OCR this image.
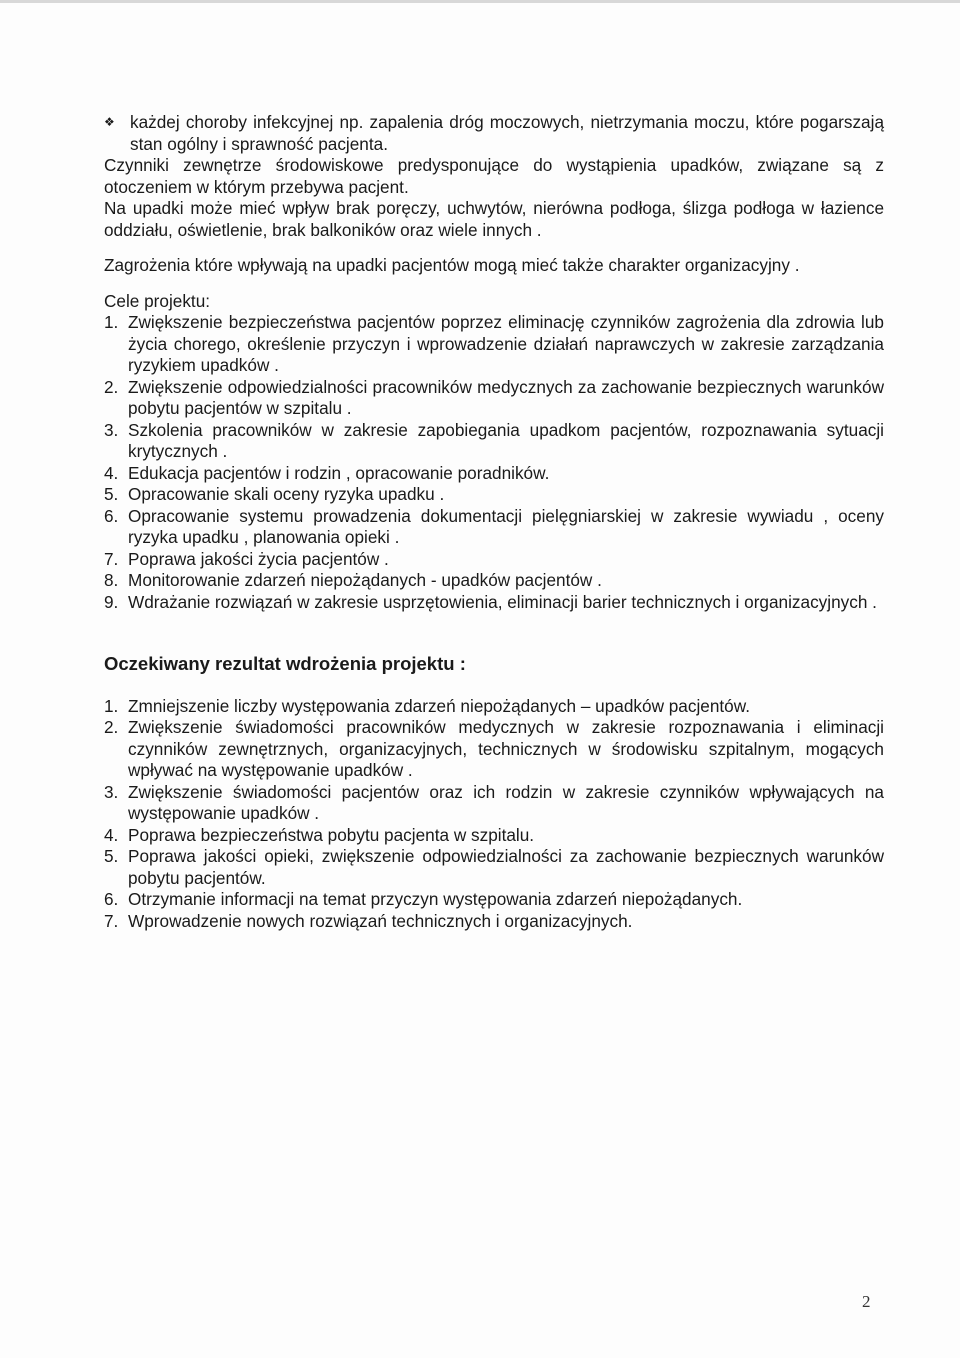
❖ każdej choroby infekcyjnej np. zapalenia dróg moczowych, nietrzymania moczu, które pogarszają stan ogólny i sprawność pacjenta.

Czynniki zewnętrze środowiskowe predysponujące do wystąpienia upadków, związane są z otoczeniem w którym przebywa pacjent.

Na upadki może mieć wpływ brak poręczy, uchwytów, nierówna podłoga, ślizga podłoga w łazience oddziału, oświetlenie, brak balkoników oraz wiele innych .

Zagrożenia które wpływają na upadki pacjentów mogą mieć także charakter organizacyjny .

Cele projektu:

1. Zwiększenie bezpieczeństwa pacjentów poprzez eliminację czynników zagrożenia dla zdrowia lub życia chorego, określenie przyczyn i wprowadzenie działań naprawczych w zakresie zarządzania ryzykiem upadków .
2. Zwiększenie odpowiedzialności pracowników medycznych za zachowanie bezpiecznych warunków pobytu pacjentów w szpitalu .
3. Szkolenia pracowników w zakresie zapobiegania upadkom pacjentów, rozpoznawania sytuacji krytycznych .
4. Edukacja pacjentów i rodzin , opracowanie poradników.
5. Opracowanie skali oceny ryzyka upadku .
6. Opracowanie systemu prowadzenia dokumentacji pielęgniarskiej w zakresie wywiadu , oceny ryzyka upadku , planowania opieki .
7. Poprawa jakości życia pacjentów .
8. Monitorowanie zdarzeń niepożądanych - upadków pacjentów .
9. Wdrażanie rozwiązań w zakresie usprzętowienia, eliminacji barier technicznych i organizacyjnych .

Oczekiwany rezultat wdrożenia projektu :

1. Zmniejszenie liczby występowania zdarzeń niepożądanych – upadków pacjentów.
2. Zwiększenie świadomości pracowników medycznych w zakresie rozpoznawania i eliminacji czynników zewnętrznych, organizacyjnych, technicznych w środowisku szpitalnym, mogących wpływać na występowanie upadków .
3. Zwiększenie świadomości pacjentów oraz ich rodzin w zakresie czynników wpływających na występowanie upadków .
4. Poprawa bezpieczeństwa pobytu pacjenta w szpitalu.
5. Poprawa jakości opieki, zwiększenie odpowiedzialności za zachowanie bezpiecznych warunków pobytu pacjentów.
6. Otrzymanie informacji na temat przyczyn występowania zdarzeń niepożądanych.
7. Wprowadzenie nowych rozwiązań technicznych i organizacyjnych.
2
